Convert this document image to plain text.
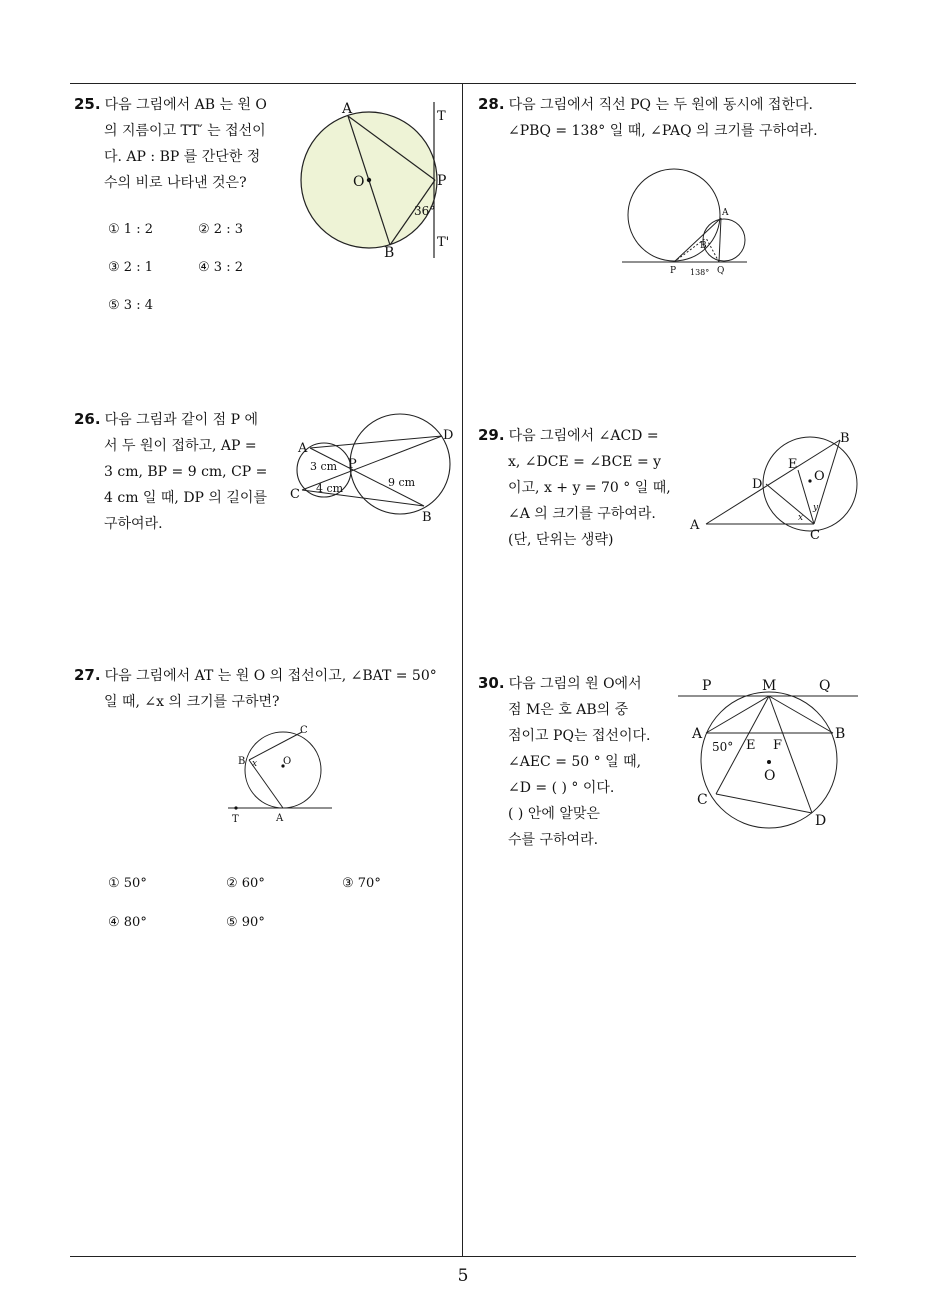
5
25. 다음 그림에서 AB 는 원 O
의 지름이고 TT′ 는 접선이
다. AP : BP 를 간단한 정
수의 비로 나타낸 것은?
① 1 : 2	② 2 : 3
③ 2 : 1	④ 3 : 2
⑤ 3 : 4
A
O	P
B
T
T'
36°
26. 다음 그림과 같이 점 P 에
서 두 원이 접하고, AP =
3 cm, BP = 9 cm, CP =
4 cm 일 때, DP 의 길이를
구하여라.
A
C
P
D
B
3 cm
4 cm	9 cm
27. 다음 그림에서 AT 는 원 O 의 접선이고, ∠BAT = 50°
일 때, ∠x 의 크기를 구하면?
B
C
O
T	A
x
① 50°	② 60°	③ 70°
④ 80°	⑤ 90°
28. 다음 그림에서 직선 PQ 는 두 원에 동시에 접한다.
∠PBQ = 138° 일 때, ∠PAQ 의 크기를 구하여라.
A
B
P	Q
138°
29. 다음 그림에서 ∠ACD =
x, ∠DCE = ∠BCE = y
이고, x + y = 70 ° 일 때,
∠A 의 크기를 구하여라.
(단, 단위는 생략)
A
B
C
D
E
O
x
y
30. 다음 그림의 원 O에서
점 M은 호 AB의 중
점이고 PQ는 접선이다.
∠AEC = 50 ° 일 때,
∠D = ( ) ° 이다.
( ) 안에 알맞은
수를 구하여라.
P	M	Q
A	B
E F
O
C
D
50°
